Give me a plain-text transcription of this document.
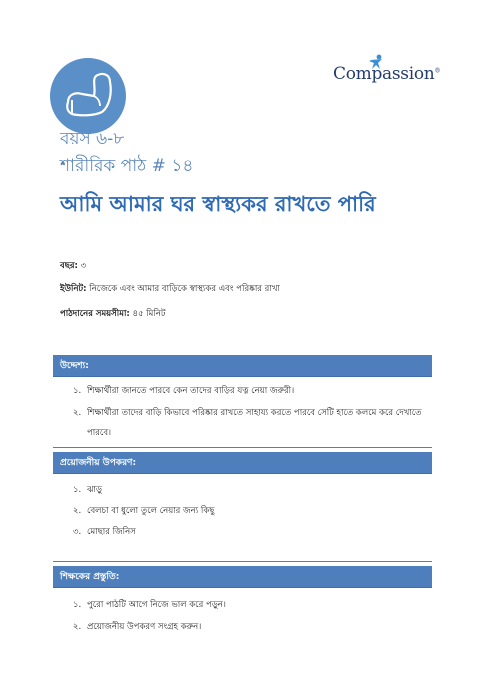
Compassion®
বয়স ৬-৮
শারীরিক পাঠ # ১৪
আমি আমার ঘর স্বাস্থ্যকর রাখতে পারি
বছর: ৩
ইউনিট: নিজেকে এবং আমার বাড়িকে স্বাস্থ্যকর এবং পরিষ্কার রাখা
পাঠদানের সময়সীমা: ৪৫ মিনিট
উদ্দেশ্য:
১. শিক্ষার্থীরা জানতে পারবে কেন তাদের বাড়ির যত্ন নেয়া জরুরী।
২. শিক্ষার্থীরা তাদের বাড়ি কিভাবে পরিষ্কার রাখতে সাহায্য করতে পারবে সেটি হাতে কলমে করে দেখাতে পারবে।
প্রয়োজনীয় উপকরণ:
১. ঝাড়ু
২. বেলচা বা ধুলো তুলে নেয়ার জন্য কিছু
৩. মোছার জিনিস
শিক্ষকের প্রস্তুতি:
১. পুরো পাঠটি আগে নিজে ভাল করে পড়ুন।
২. প্রয়োজনীয় উপকরণ সংগ্রহ করুন।
